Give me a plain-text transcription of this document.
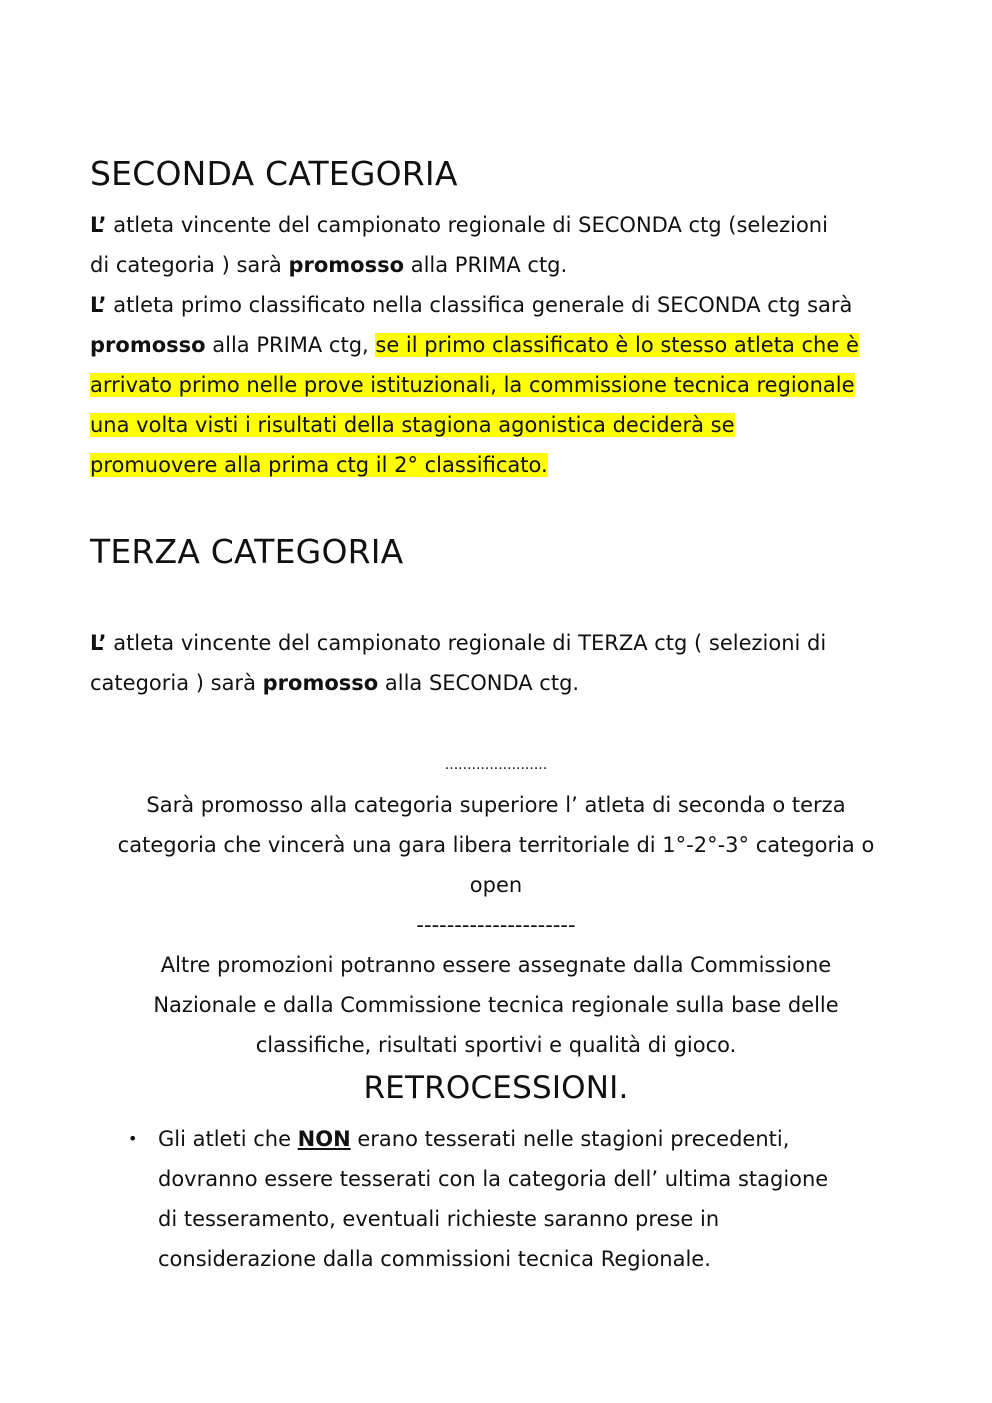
SECONDA CATEGORIA
L’ atleta vincente del campionato regionale di SECONDA ctg (selezioni
di categoria ) sarà promosso alla PRIMA ctg.
L’ atleta primo classificato nella classifica generale di SECONDA ctg sarà
promosso alla PRIMA ctg, se il primo classificato è lo stesso atleta che è
arrivato primo nelle prove istituzionali, la commissione tecnica regionale
una volta visti i risultati della stagiona agonistica deciderà se
promuovere alla prima ctg il 2° classificato.
TERZA CATEGORIA
L’ atleta vincente del campionato regionale di TERZA ctg ( selezioni di
categoria ) sarà promosso alla SECONDA ctg.
.......................
Sarà promosso alla categoria superiore l’ atleta di seconda o terza
categoria che vincerà una gara libera territoriale di 1°-2°-3° categoria o
open
---------------------
Altre promozioni potranno essere assegnate dalla Commissione
Nazionale e dalla Commissione tecnica regionale sulla base delle
classifiche, risultati sportivi e qualità di gioco.
RETROCESSIONI.
• Gli atleti che NON erano tesserati nelle stagioni precedenti,
dovranno essere tesserati con la categoria dell’ ultima stagione
di tesseramento, eventuali richieste saranno prese in
considerazione dalla commissioni tecnica Regionale.
